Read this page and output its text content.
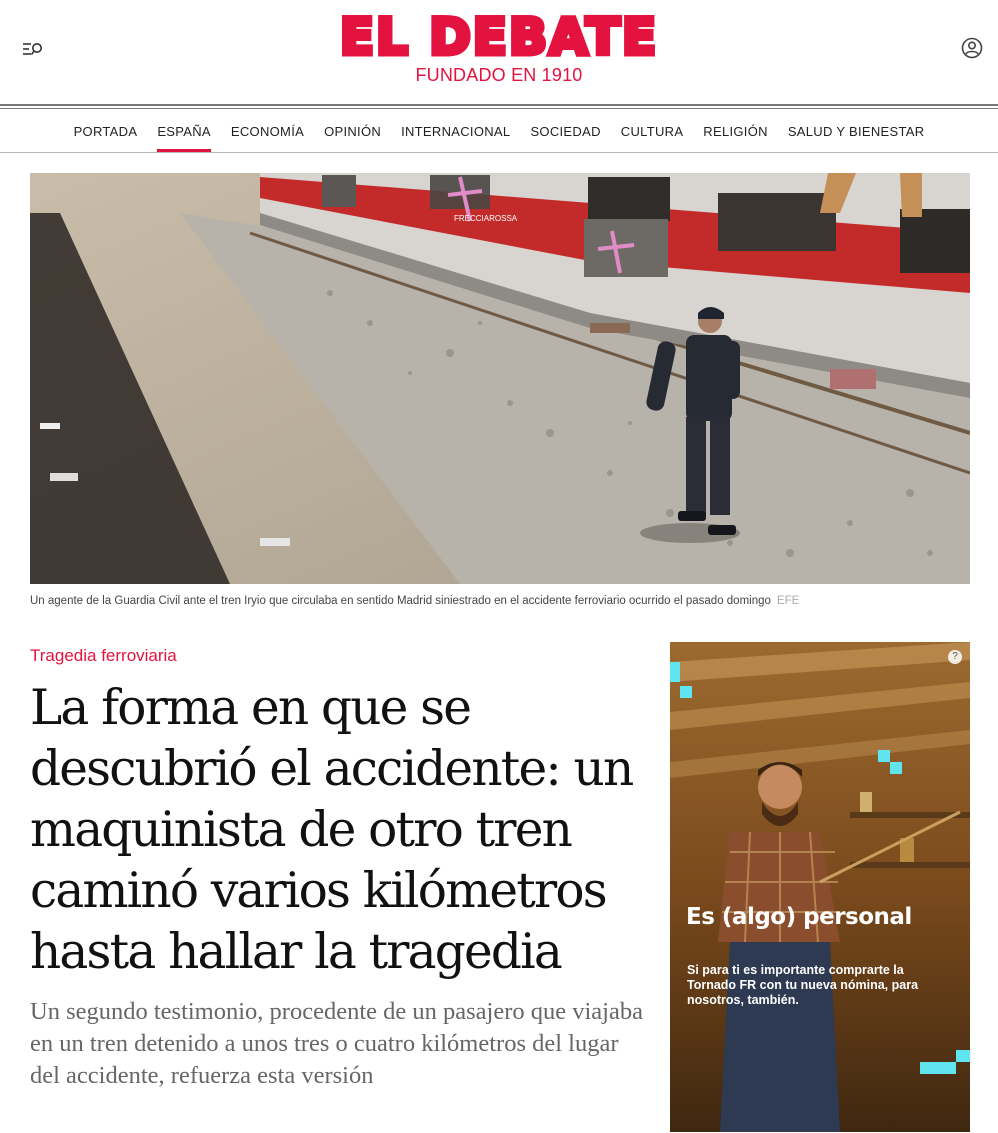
EL DEBATE
FUNDADO EN 1910
PORTADA ESPAÑA ECONOMÍA OPINIÓN INTERNACIONAL SOCIEDAD CULTURA RELIGIÓN SALUD Y BIENESTAR
FRECCIAROSSA
Un agente de la Guardia Civil ante el tren Iryio que circulaba en sentido Madrid siniestrado en el accidente ferroviario ocurrido el pasado domingo EFE
Tragedia ferroviaria
La forma en que se descubrió el accidente: un maquinista de otro tren caminó varios kilómetros hasta hallar la tragedia

Un segundo testimonio, procedente de un pasajero que viajaba en un tren detenido a unos tres o cuatro kilómetros del lugar del accidente, refuerza esta versión

?
Es (algo) personal
Si para ti es importante comprarte la Tornado FR con tu nueva nómina, para nosotros, también.
